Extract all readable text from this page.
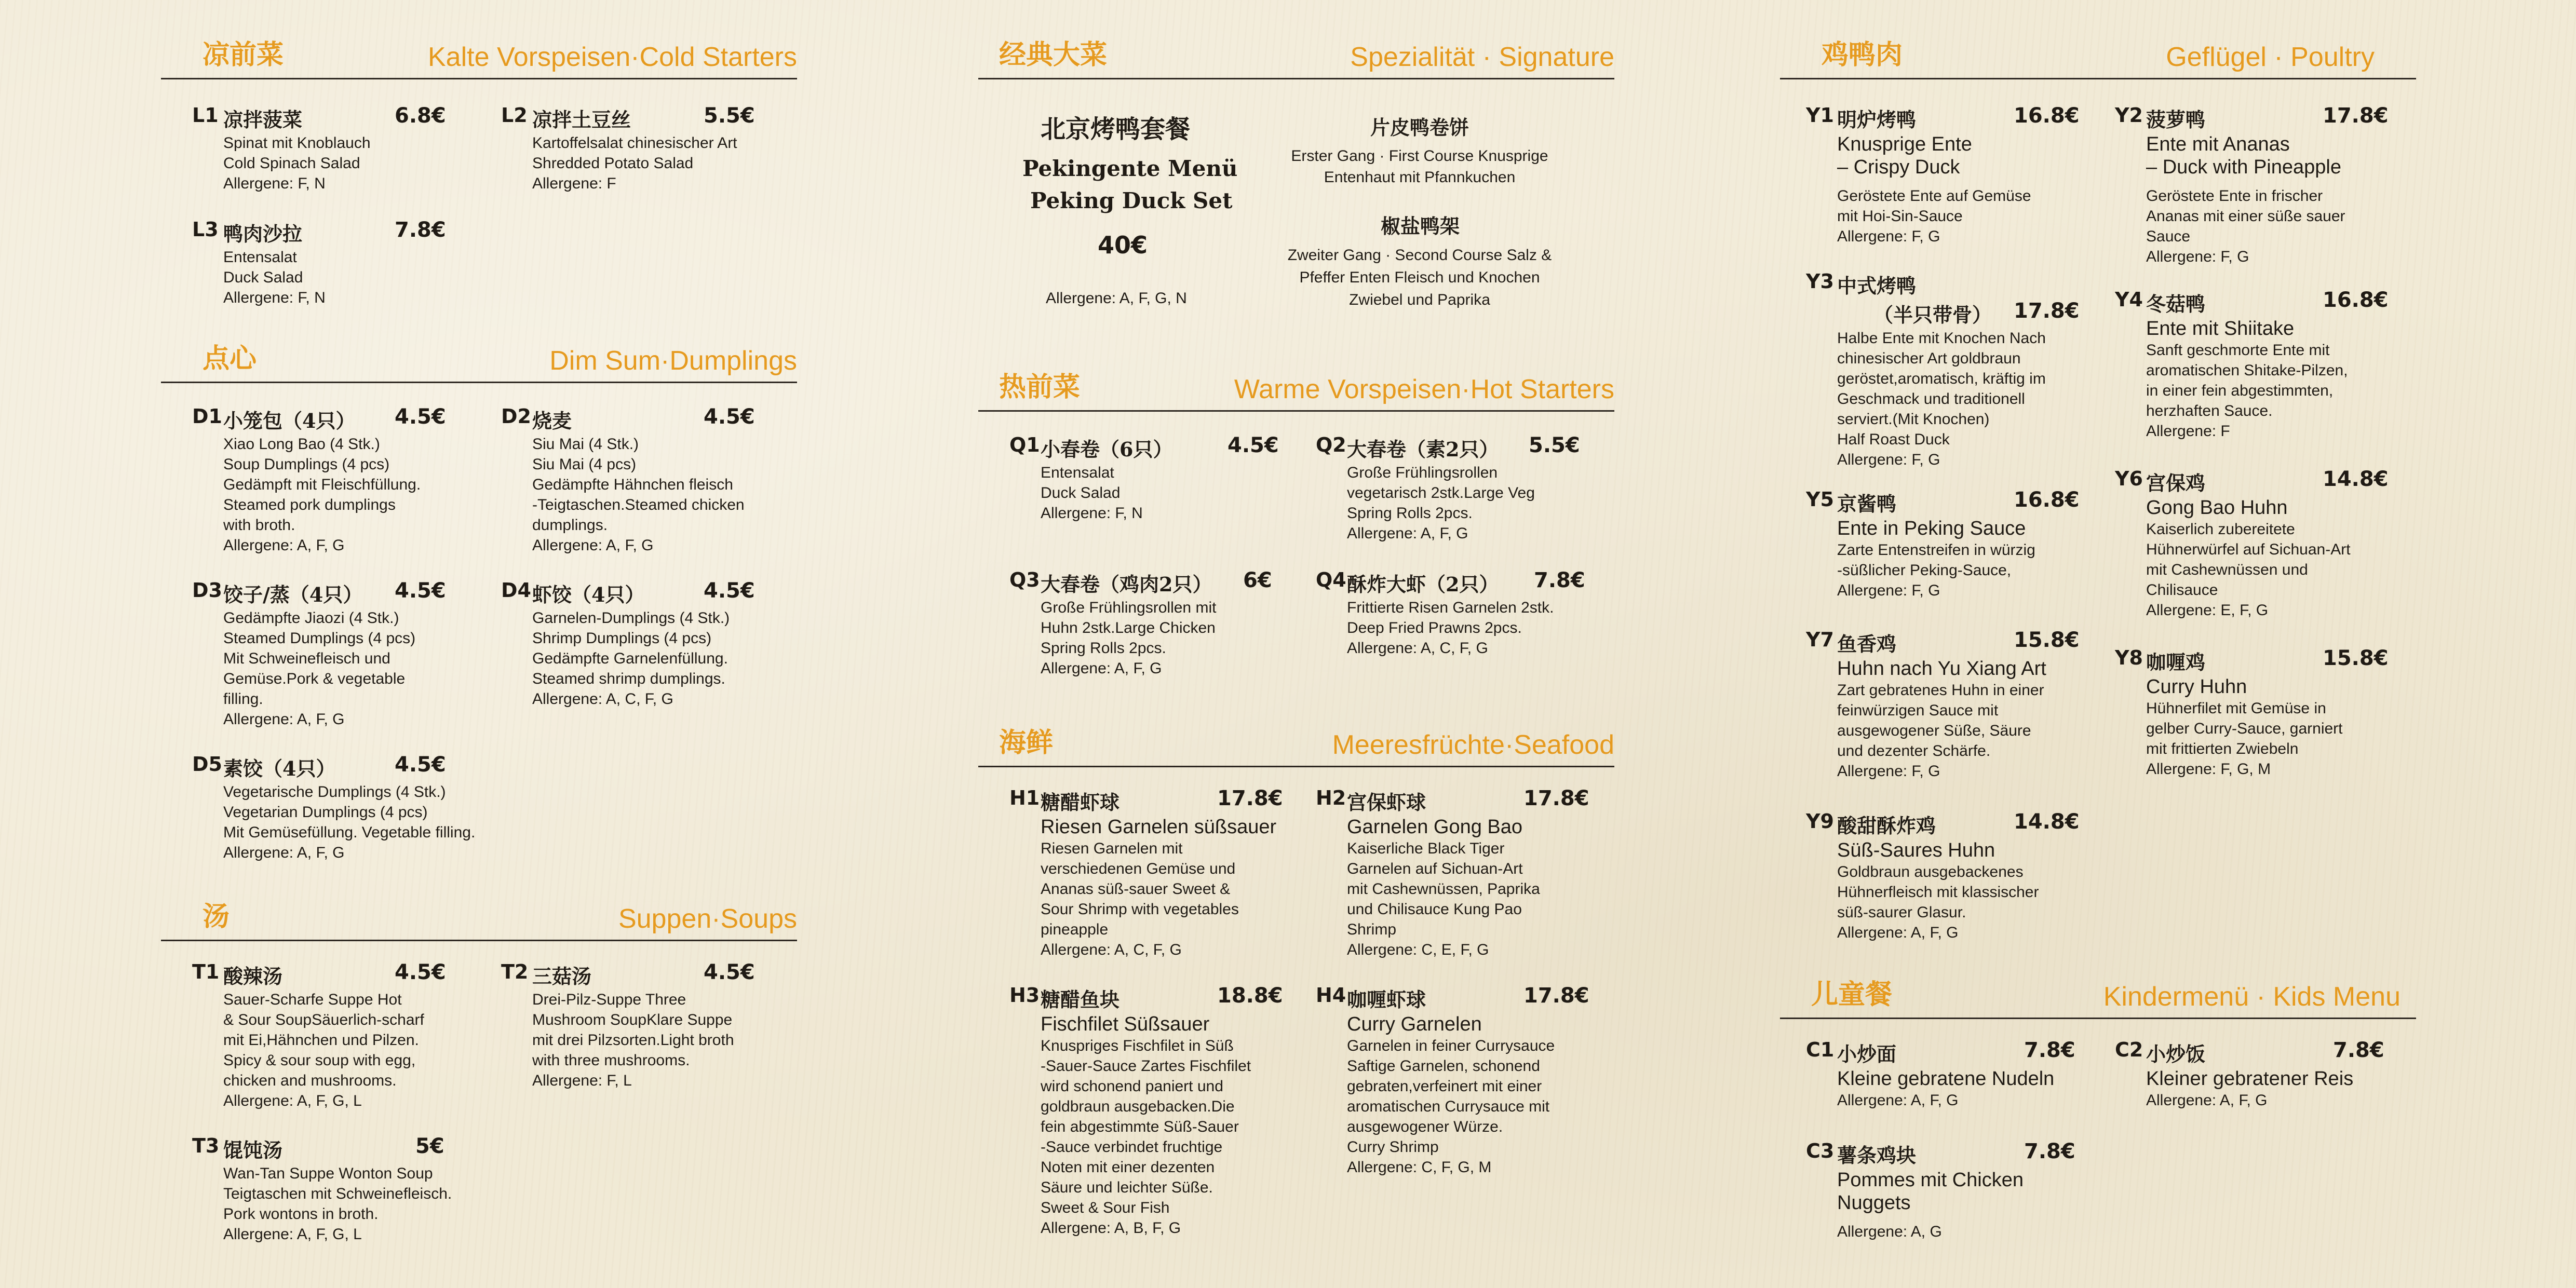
凉前菜	Kalte Vorspeisen·Cold Starters
L1 凉拌菠菜	6.8€
Spinat mit Knoblauch
Cold Spinach Salad
Allergene: F, N
L2 凉拌土豆丝	5.5€
Kartoffelsalat chinesischer Art
Shredded Potato Salad
Allergene: F
L3 鸭肉沙拉	7.8€
Entensalat
Duck Salad
Allergene: F, N
点心	Dim Sum·Dumplings
D1 小笼包（4只） 4.5€
Xiao Long Bao (4 Stk.)
Soup Dumplings (4 pcs)
Gedämpft mit Fleischfüllung.
Steamed pork dumplings
with broth.
Allergene: A, F, G
D2 烧麦	4.5€
Siu Mai (4 Stk.)
Siu Mai (4 pcs)
Gedämpfte Hähnchen fleisch
-Teigtaschen.Steamed chicken
dumplings.
Allergene: A, F, G
D3 饺子/蒸（4只） 4.5€
Gedämpfte Jiaozi (4 Stk.)
Steamed Dumplings (4 pcs)
Mit Schweinefleisch und
Gemüse.Pork & vegetable
filling.
Allergene: A, F, G
D4 虾饺（4只）	4.5€
Garnelen-Dumplings (4 Stk.)
Shrimp Dumplings (4 pcs)
Gedämpfte Garnelenfüllung.
Steamed shrimp dumplings.
Allergene: A, C, F, G
D5 素饺（4只）	4.5€
Vegetarische Dumplings (4 Stk.)
Vegetarian Dumplings (4 pcs)
Mit Gemüsefüllung. Vegetable filling.
Allergene: A, F, G
汤	Suppen·Soups
T1 酸辣汤	4.5€
Sauer-Scharfe Suppe Hot
& Sour SoupSäuerlich-scharf
mit Ei,Hähnchen und Pilzen.
Spicy & sour soup with egg,
chicken and mushrooms.
Allergene: A, F, G, L
T2 三菇汤	4.5€
Drei-Pilz-Suppe Three
Mushroom SoupKlare Suppe
mit drei Pilzsorten.Light broth
with three mushrooms.
Allergene: F, L
T3 馄饨汤	5€
Wan-Tan Suppe Wonton Soup
Teigtaschen mit Schweinefleisch.
Pork wontons in broth.
Allergene: A, F, G, L
经典大菜	Spezialität · Signature
北京烤鸭套餐
Pekingente Menü
Peking Duck Set
40€
Allergene: A, F, G, N
片皮鸭卷饼
Erster Gang · First Course Knusprige
Entenhaut mit Pfannkuchen
椒盐鸭架
Zweiter Gang · Second Course Salz &
Pfeffer Enten Fleisch und Knochen
Zwiebel und Paprika
热前菜	Warme Vorspeisen·Hot Starters
Q1 小春卷（6只）	4.5€
Entensalat
Duck Salad
Allergene: F, N
Q2 大春卷（素2只） 5.5€
Große Frühlingsrollen
vegetarisch 2stk.Large Veg
Spring Rolls 2pcs.
Allergene: A, F, G
Q3 大春卷（鸡肉2只） 6€
Große Frühlingsrollen mit
Huhn 2stk.Large Chicken
Spring Rolls 2pcs.
Allergene: A, F, G
Q4 酥炸大虾（2只） 7.8€
Frittierte Risen Garnelen 2stk.
Deep Fried Prawns 2pcs.
Allergene: A, C, F, G
海鲜	Meeresfrüchte·Seafood
H1 糖醋虾球	17.8€
Riesen Garnelen süßsauer
Riesen Garnelen mit
verschiedenen Gemüse und
Ananas süß-sauer Sweet &
Sour Shrimp with vegetables
pineapple
Allergene: A, C, F, G
H2 宫保虾球	17.8€
Garnelen Gong Bao
Kaiserliche Black Tiger
Garnelen auf Sichuan-Art
mit Cashewnüssen, Paprika
und Chilisauce Kung Pao
Shrimp
Allergene: C, E, F, G
H3 糖醋鱼块	18.8€
Fischfilet Süßsauer
Knuspriges Fischfilet in Süß
-Sauer-Sauce Zartes Fischfilet
wird schonend paniert und
goldbraun ausgebacken.Die
fein abgestimmte Süß-Sauer
-Sauce verbindet fruchtige
Noten mit einer dezenten
Säure und leichter Süße.
Sweet & Sour Fish
Allergene: A, B, F, G
H4 咖喱虾球	17.8€
Curry Garnelen
Garnelen in feiner Currysauce
Saftige Garnelen, schonend
gebraten,verfeinert mit einer
aromatischen Currysauce mit
ausgewogener Würze.
Curry Shrimp
Allergene: C, F, G, M
鸡鸭肉	Geflügel · Poultry
Y1 明炉烤鸭	16.8€
Knusprige Ente
– Crispy Duck
Geröstete Ente auf Gemüse
mit Hoi-Sin-Sauce
Allergene: F, G
Y2 菠萝鸭	17.8€
Ente mit Ananas
– Duck with Pineapple
Geröstete Ente in frischer
Ananas mit einer süße sauer
Sauce
Allergene: F, G
Y3 中式烤鸭
（半只带骨） 17.8€
Halbe Ente mit Knochen Nach
chinesischer Art goldbraun
geröstet,aromatisch, kräftig im
Geschmack und traditionell
serviert.(Mit Knochen)
Half Roast Duck
Allergene: F, G
Y4 冬菇鸭	16.8€
Ente mit Shiitake
Sanft geschmorte Ente mit
aromatischen Shitake-Pilzen,
in einer fein abgestimmten,
herzhaften Sauce.
Allergene: F
Y5 京酱鸭	16.8€
Ente in Peking Sauce
Zarte Entenstreifen in würzig
-süßlicher Peking-Sauce,
Allergene: F, G
Y6 宫保鸡	14.8€
Gong Bao Huhn
Kaiserlich zubereitete
Hühnerwürfel auf Sichuan-Art
mit Cashewnüssen und
Chilisauce
Allergene: E, F, G
Y7 鱼香鸡	15.8€
Huhn nach Yu Xiang Art
Zart gebratenes Huhn in einer
feinwürzigen Sauce mit
ausgewogener Süße, Säure
und dezenter Schärfe.
Allergene: F, G
Y8 咖喱鸡	15.8€
Curry Huhn
Hühnerfilet mit Gemüse in
gelber Curry-Sauce, garniert
mit frittierten Zwiebeln
Allergene: F, G, M
Y9 酸甜酥炸鸡	14.8€
Süß-Saures Huhn
Goldbraun ausgebackenes
Hühnerfleisch mit klassischer
süß-saurer Glasur.
Allergene: A, F, G
儿童餐	Kindermenü · Kids Menu
C1 小炒面	7.8€
Kleine gebratene Nudeln
Allergene: A, F, G
C2 小炒饭	7.8€
Kleiner gebratener Reis
Allergene: A, F, G
C3 薯条鸡块	7.8€
Pommes mit Chicken
Nuggets
Allergene: A, G
